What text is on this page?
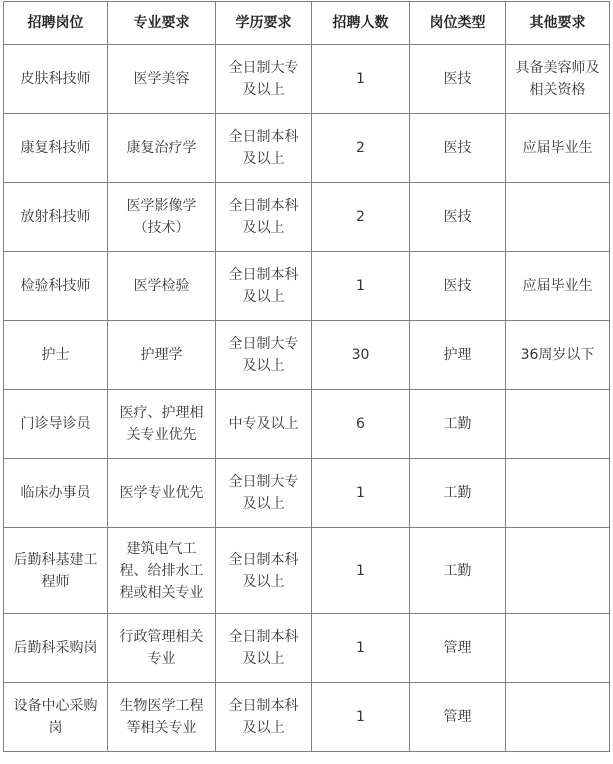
招聘岗位	专业要求	学历要求	招聘人数	岗位类型	其他要求
皮肤科技师	医学美容	全日制大专及以上	1	医技	具备美容师及相关资格
康复科技师	康复治疗学	全日制本科及以上	2	医技	应届毕业生
放射科技师	医学影像学（技术）	全日制本科及以上	2	医技	
检验科技师	医学检验	全日制本科及以上	1	医技	应届毕业生
护士	护理学	全日制大专及以上	30	护理	36周岁以下
门诊导诊员	医疗、护理相关专业优先	中专及以上	6	工勤	
临床办事员	医学专业优先	全日制大专及以上	1	工勤	
后勤科基建工程师	建筑电气工程、给排水工程或相关专业	全日制本科及以上	1	工勤	
后勤科采购岗	行政管理相关专业	全日制本科及以上	1	管理	
设备中心采购岗	生物医学工程等相关专业	全日制本科及以上	1	管理	
